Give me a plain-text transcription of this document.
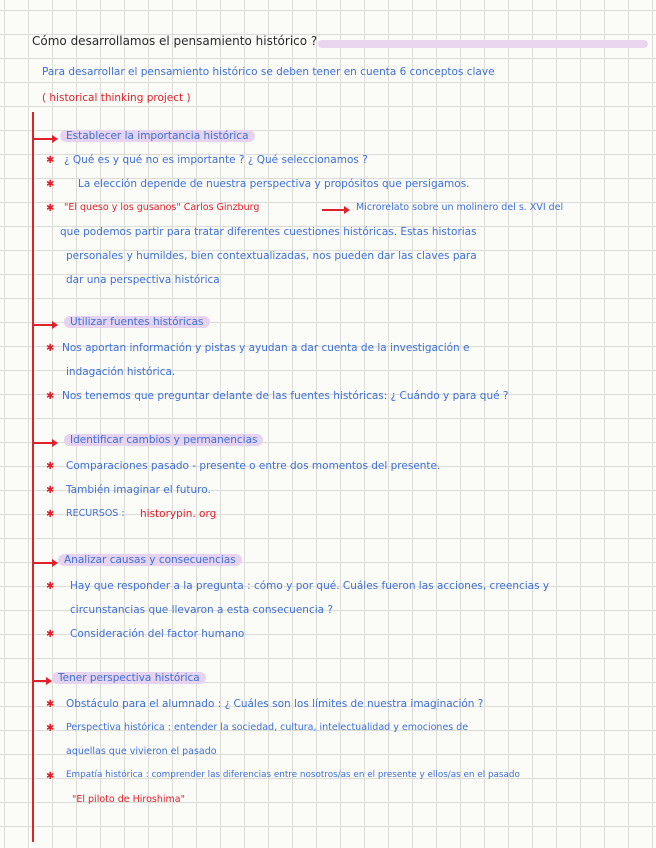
Cómo desarrollamos el pensamiento histórico ?
Para desarrollar el pensamiento histórico se deben tener en cuenta 6 conceptos clave
( historical thinking project )
Establecer la importancia histórica
✱ ¿ Qué es y qué no es importante ? ¿ Qué seleccionamos ?
✱ La elección depende de nuestra perspectiva y propósitos que persigamos.
✱ "El queso y los gusanos" Carlos Ginzburg	Microrelato sobre un molinero del s. XVI del
que podemos partir para tratar diferentes cuestiones históricas. Estas historias
personales y humildes, bien contextualizadas, nos pueden dar las claves para
dar una perspectiva histórica
Utilizar fuentes históricas
✱ Nos aportan información y pistas y ayudan a dar cuenta de la investigación e
indagación histórica.
✱ Nos tenemos que preguntar delante de las fuentes históricas: ¿ Cuándo y para qué ?
Identificar cambios y permanencias
✱ Comparaciones pasado - presente o entre dos momentos del presente.
✱ También imaginar el futuro.
✱ RECURSOS : historypin. org
Analizar causas y consecuencias
✱ Hay que responder a la pregunta : cómo y por qué. Cuáles fueron las acciones, creencias y
circunstancias que llevaron a esta consecuencia ?
✱ Consideración del factor humano
Tener perspectiva histórica
✱ Obstáculo para el alumnado : ¿ Cuáles son los límites de nuestra imaginación ?
✱ Perspectiva histórica : entender la sociedad, cultura, intelectualidad y emociones de
aquellas que vivieron el pasado
✱ Empatía histórica : comprender las diferencias entre nosotros/as en el presente y ellos/as en el pasado
"El piloto de Hiroshima"
